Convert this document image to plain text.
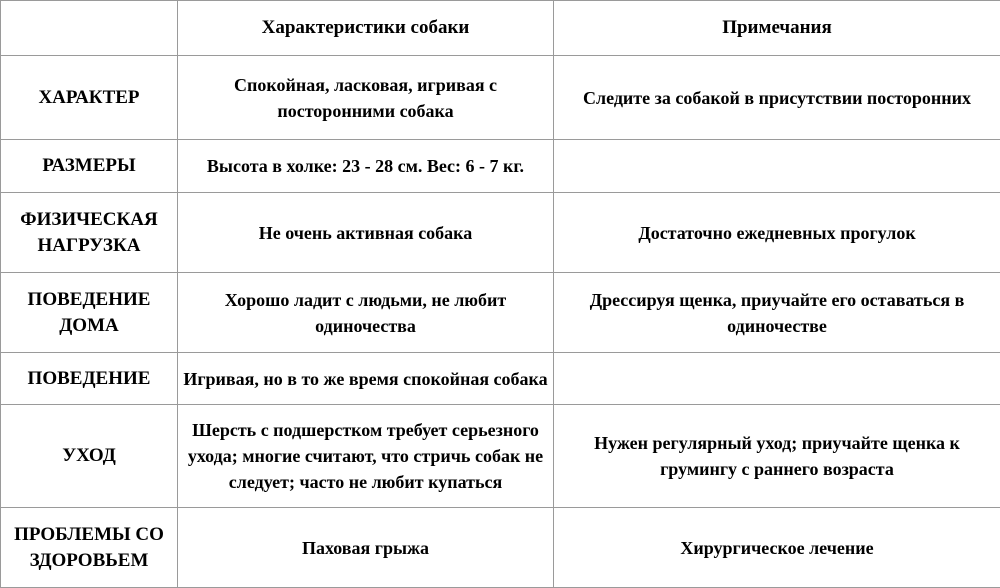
	Характеристики собаки	Примечания
ХАРАКТЕР	Спокойная, ласковая, игривая с посторонними собака	Следите за собакой в присутствии посторонних
РАЗМЕРЫ	Высота в холке: 23 - 28 см. Вес: 6 - 7 кг.	
ФИЗИЧЕСКАЯ НАГРУЗКА	Не очень активная собака	Достаточно ежедневных прогулок
ПОВЕДЕНИЕ ДОМА	Хорошо ладит с людьми, не любит одиночества	Дрессируя щенка, приучайте его оставаться в одиночестве
ПОВЕДЕНИЕ	Игривая, но в то же время спокойная собака	
УХОД	Шерсть с подшерстком требует серьезного ухода; многие считают, что стричь собак не следует; часто не любит купаться	Нужен регулярный уход; приучайте щенка к грумингу с раннего возраста
ПРОБЛЕМЫ СО ЗДОРОВЬЕМ	Паховая грыжа	Хирургическое лечение
